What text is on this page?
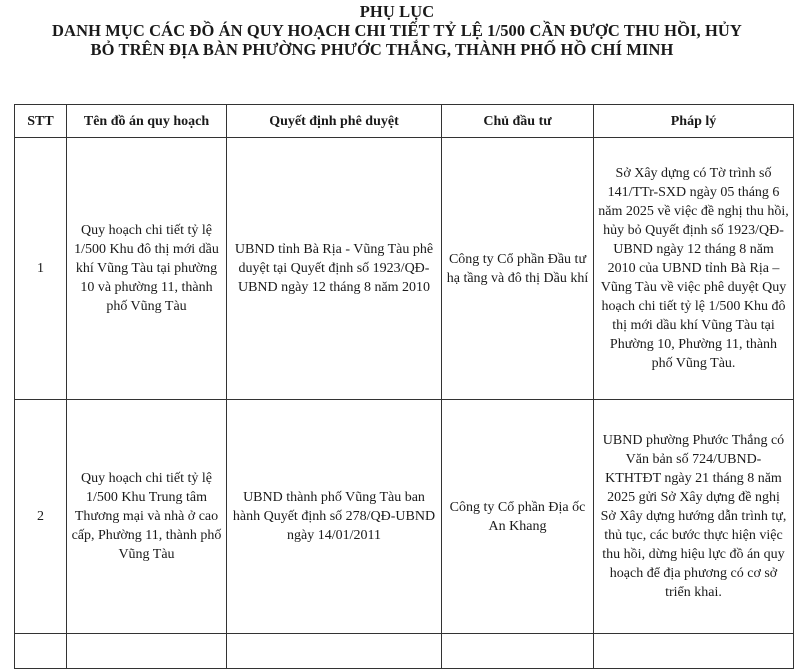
PHỤ LỤC
DANH MỤC CÁC ĐỒ ÁN QUY HOẠCH CHI TIẾT TỶ LỆ 1/500 CẦN ĐƯỢC THU HỒI, HỦY
BỎ TRÊN ĐỊA BÀN PHƯỜNG PHƯỚC THẮNG, THÀNH PHỐ HỒ CHÍ MINH
STT	Tên đồ án quy hoạch	Quyết định phê duyệt	Chủ đầu tư	Pháp lý
1	Quy hoạch chi tiết tỷ lệ 1/500 Khu đô thị mới dầu khí Vũng Tàu tại phường 10 và phường 11, thành phố Vũng Tàu	UBND tỉnh Bà Rịa - Vũng Tàu phê duyệt tại Quyết định số 1923/QĐ-UBND ngày 12 tháng 8 năm 2010	Công ty Cổ phần Đầu tư hạ tầng và đô thị Dầu khí	Sở Xây dựng có Tờ trình số 141/TTr-SXD ngày 05 tháng 6 năm 2025 về việc đề nghị thu hồi, hủy bỏ Quyết định số 1923/QĐ-UBND ngày 12 tháng 8 năm 2010 của UBND tỉnh Bà Rịa – Vũng Tàu về việc phê duyệt Quy hoạch chi tiết tỷ lệ 1/500 Khu đô thị mới dầu khí Vũng Tàu tại Phường 10, Phường 11, thành phố Vũng Tàu.
2	Quy hoạch chi tiết tỷ lệ 1/500 Khu Trung tâm Thương mại và nhà ở cao cấp, Phường 11, thành phố Vũng Tàu	UBND thành phố Vũng Tàu ban hành Quyết định số 278/QĐ-UBND ngày 14/01/2011	Công ty Cổ phần Địa ốc An Khang	UBND phường Phước Thắng có Văn bản số 724/UBND-KTHTĐT ngày 21 tháng 8 năm 2025 gửi Sở Xây dựng đề nghị Sở Xây dựng hướng dẫn trình tự, thủ tục, các bước thực hiện việc thu hồi, dừng hiệu lực đồ án quy hoạch để địa phương có cơ sở triển khai.
